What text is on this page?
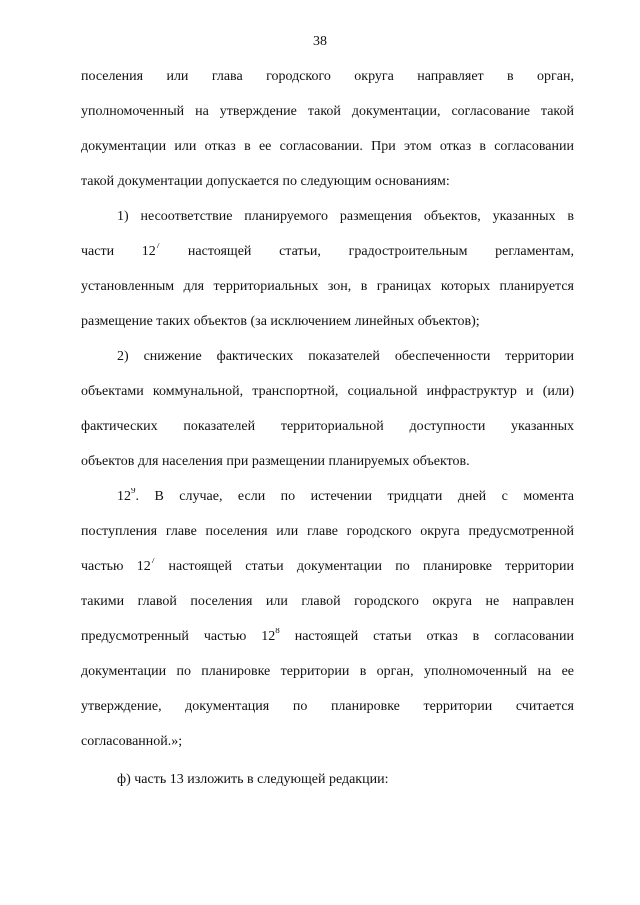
38
поселения или глава городского округа направляет в орган,
уполномоченный на утверждение такой документации, согласование такой
документации или отказ в ее согласовании. При этом отказ в согласовании
такой документации допускается по следующим основаниям:
1) несоответствие планируемого размещения объектов, указанных в
части $12^7$ настоящей статьи, градостроительным регламентам,
установленным для территориальных зон, в границах которых планируется
размещение таких объектов (за исключением линейных объектов);
2) снижение фактических показателей обеспеченности территории
объектами коммунальной, транспортной, социальной инфраструктур и (или)
фактических показателей территориальной доступности указанных
объектов для населения при размещении планируемых объектов.
$12^9$. В случае, если по истечении тридцати дней с момента
поступления главе поселения или главе городского округа предусмотренной
частью $12^7$ настоящей статьи документации по планировке территории
такими главой поселения или главой городского округа не направлен
предусмотренный частью $12^8$ настоящей статьи отказ в согласовании
документации по планировке территории в орган, уполномоченный на ее
утверждение, документация по планировке территории считается
согласованной.»;
ф) часть 13 изложить в следующей редакции:
